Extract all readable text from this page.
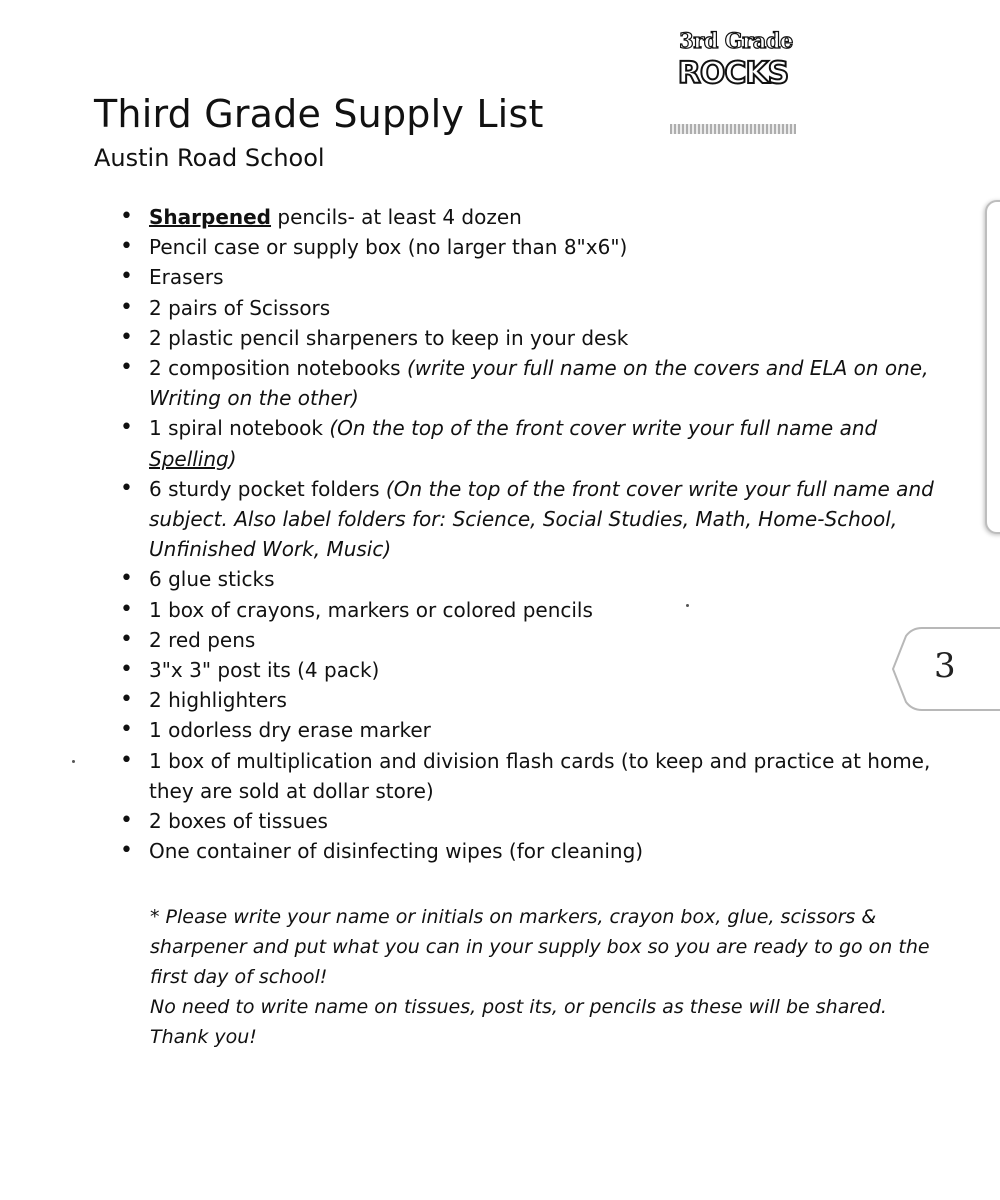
3rd Grade
ROCKS
Third Grade Supply List
Austin Road School
• Sharpened pencils- at least 4 dozen
• Pencil case or supply box (no larger than 8"x6")
• Erasers
• 2 pairs of Scissors
• 2 plastic pencil sharpeners to keep in your desk
• 2 composition notebooks (write your full name on the covers and ELA on one, Writing on the other)
• 1 spiral notebook (On the top of the front cover write your full name and Spelling)
• 6 sturdy pocket folders (On the top of the front cover write your full name and subject. Also label folders for: Science, Social Studies, Math, Home-School, Unfinished Work, Music)
• 6 glue sticks
• 1 box of crayons, markers or colored pencils
• 2 red pens
• 3"x 3" post its (4 pack)
• 2 highlighters
• 1 odorless dry erase marker
• 1 box of multiplication and division flash cards (to keep and practice at home, they are sold at dollar store)
• 2 boxes of tissues
• One container of disinfecting wipes (for cleaning)

* Please write your name or initials on markers, crayon box, glue, scissors & sharpener and put what you can in your supply box so you are ready to go on the first day of school!

No need to write name on tissues, post its, or pencils as these will be shared.

Thank you!

3
